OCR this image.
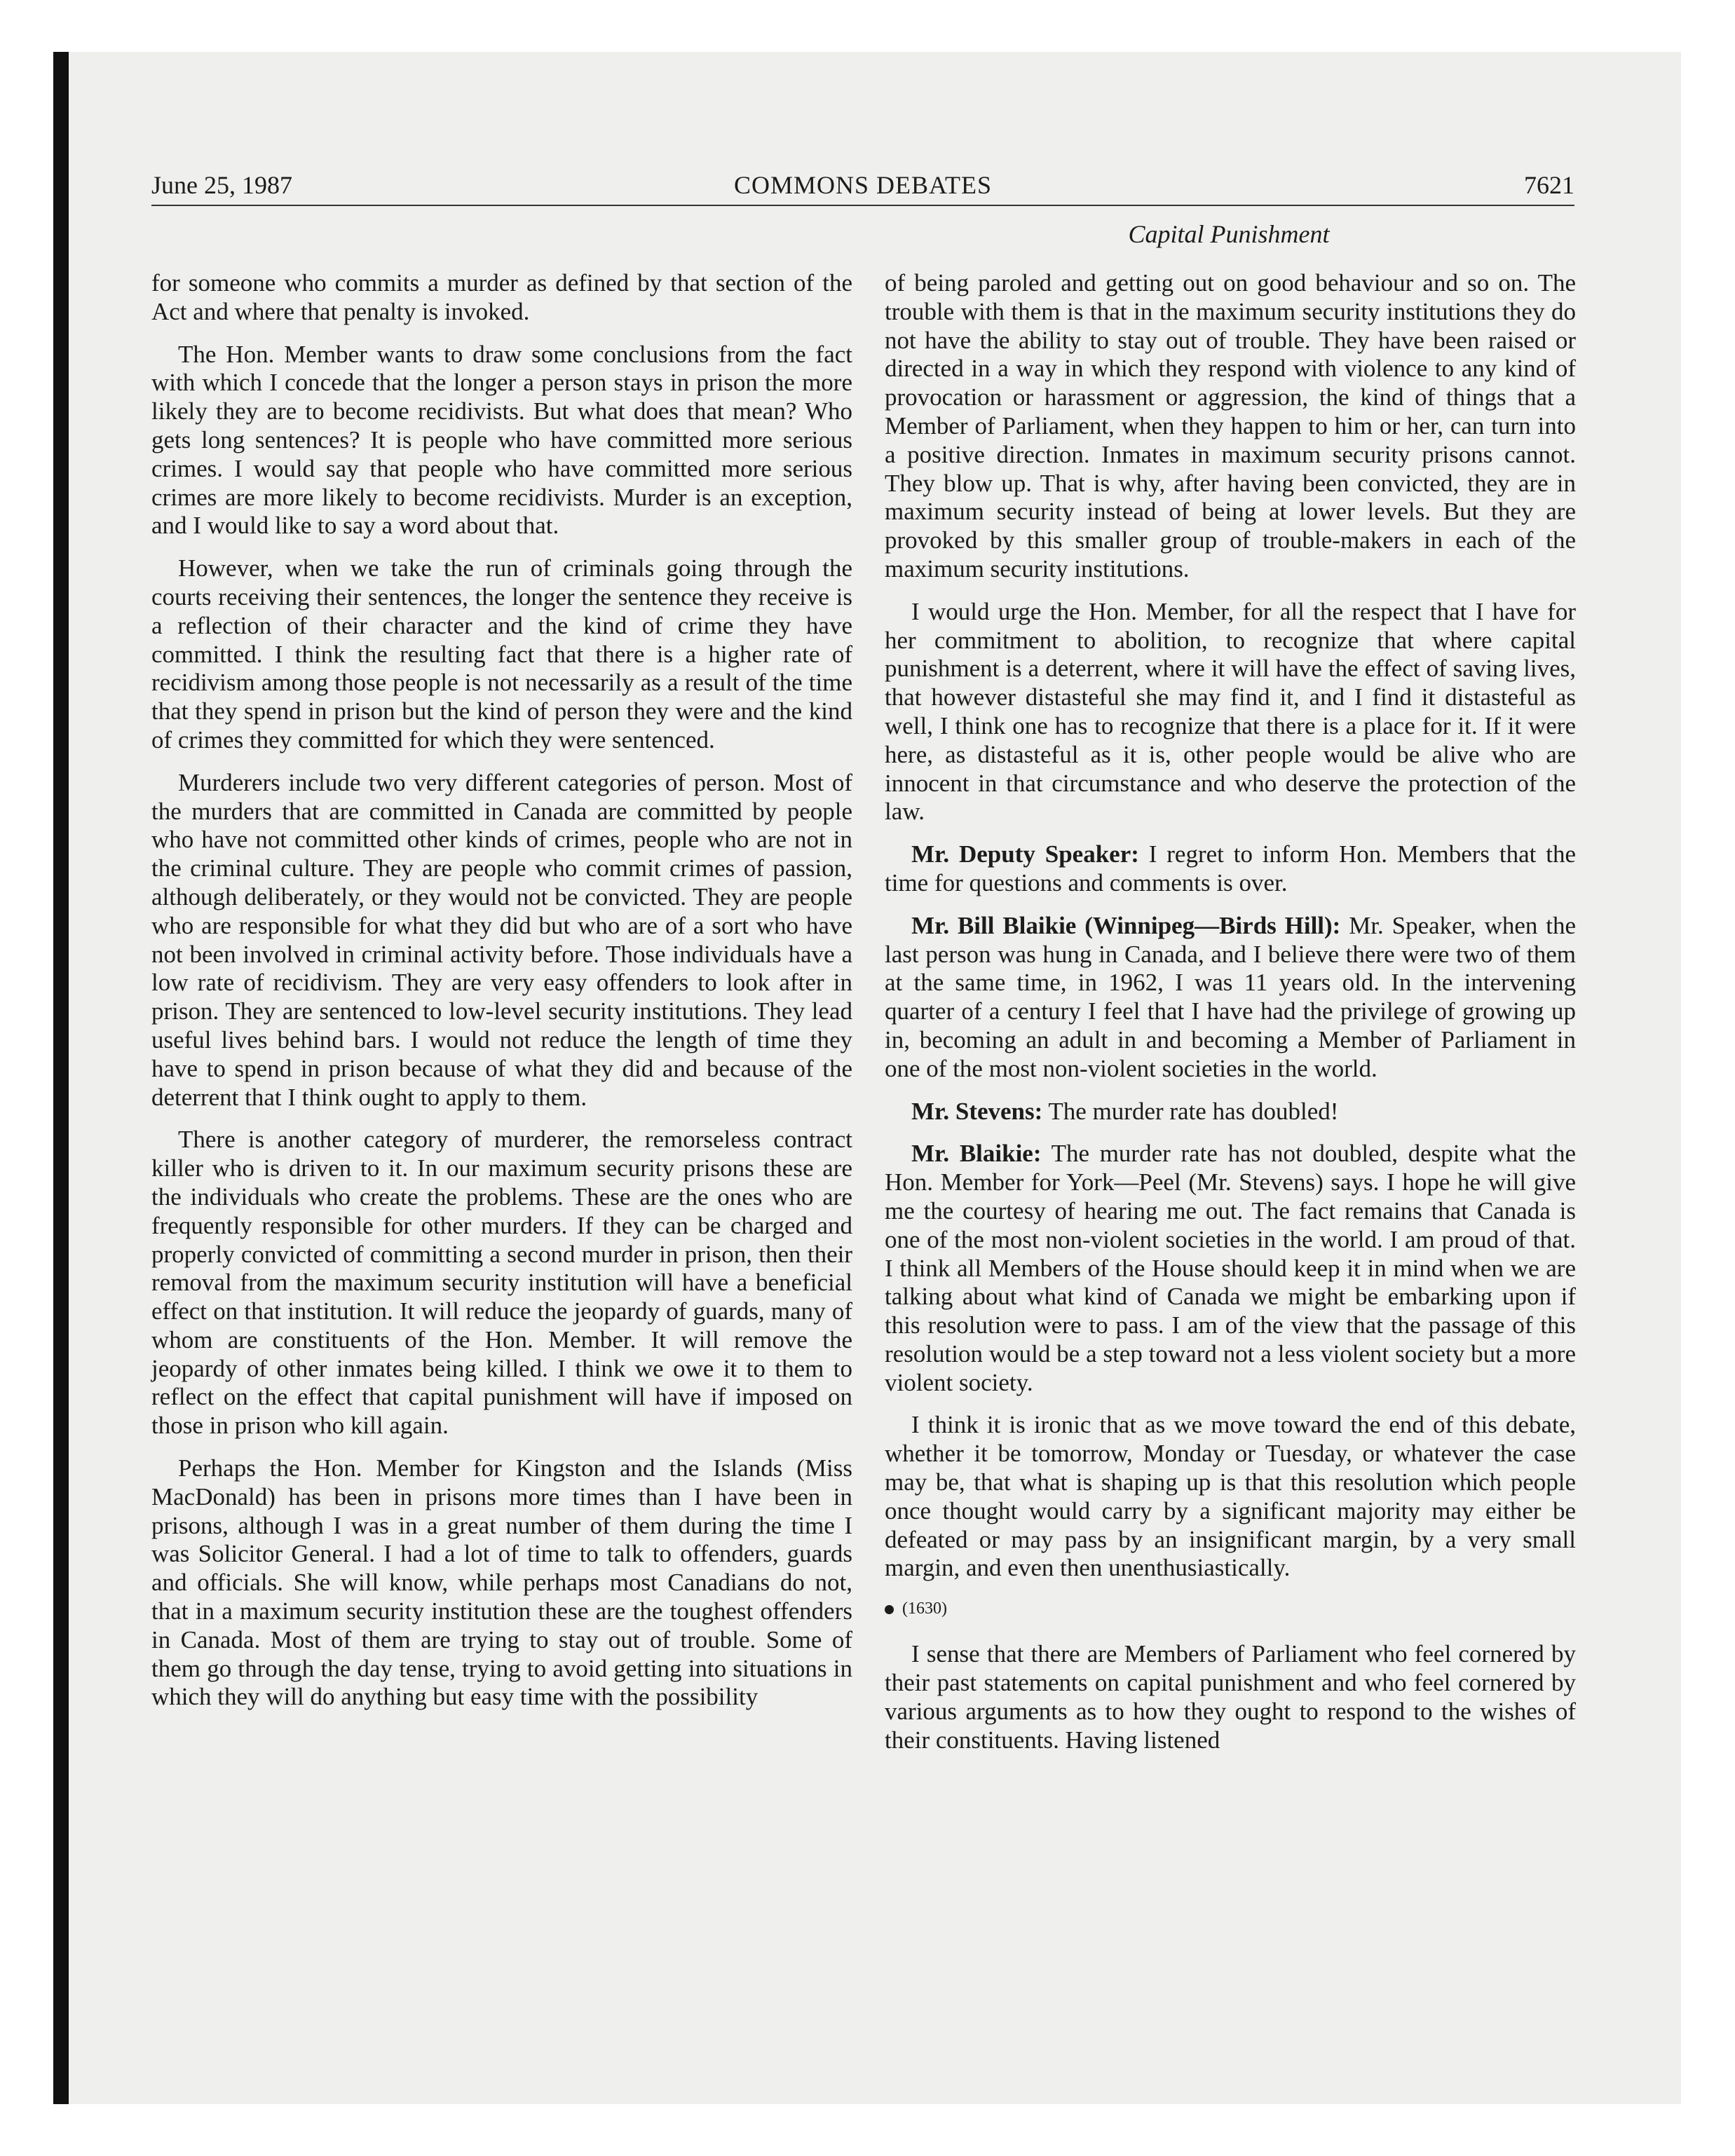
June 25, 1987	COMMONS DEBATES	7621
Capital Punishment

for someone who commits a murder as defined by that section of the Act and where that penalty is invoked.

The Hon. Member wants to draw some conclusions from the fact with which I concede that the longer a person stays in prison the more likely they are to become recidivists. But what does that mean? Who gets long sentences? It is people who have committed more serious crimes. I would say that people who have committed more serious crimes are more likely to become recidivists. Murder is an exception, and I would like to say a word about that.

However, when we take the run of criminals going through the courts receiving their sentences, the longer the sentence they receive is a reflection of their character and the kind of crime they have committed. I think the resulting fact that there is a higher rate of recidivism among those people is not necessarily as a result of the time that they spend in prison but the kind of person they were and the kind of crimes they committed for which they were sentenced.

Murderers include two very different categories of person. Most of the murders that are committed in Canada are committed by people who have not committed other kinds of crimes, people who are not in the criminal culture. They are people who commit crimes of passion, although deliberately, or they would not be convicted. They are people who are responsible for what they did but who are of a sort who have not been involved in criminal activity before. Those individuals have a low rate of recidivism. They are very easy offenders to look after in prison. They are sentenced to low-level security institutions. They lead useful lives behind bars. I would not reduce the length of time they have to spend in prison because of what they did and because of the deterrent that I think ought to apply to them.

There is another category of murderer, the remorseless contract killer who is driven to it. In our maximum security prisons these are the individuals who create the problems. These are the ones who are frequently responsible for other murders. If they can be charged and properly convicted of committing a second murder in prison, then their removal from the maximum security institution will have a beneficial effect on that institution. It will reduce the jeopardy of guards, many of whom are constituents of the Hon. Member. It will remove the jeopardy of other inmates being killed. I think we owe it to them to reflect on the effect that capital punishment will have if imposed on those in prison who kill again.

Perhaps the Hon. Member for Kingston and the Islands (Miss MacDonald) has been in prisons more times than I have been in prisons, although I was in a great number of them during the time I was Solicitor General. I had a lot of time to talk to offenders, guards and officials. She will know, while perhaps most Canadians do not, that in a maximum security institution these are the toughest offenders in Canada. Most of them are trying to stay out of trouble. Some of them go through the day tense, trying to avoid getting into situations in which they will do anything but easy time with the possibility

of being paroled and getting out on good behaviour and so on. The trouble with them is that in the maximum security institutions they do not have the ability to stay out of trouble. They have been raised or directed in a way in which they respond with violence to any kind of provocation or harassment or aggression, the kind of things that a Member of Parliament, when they happen to him or her, can turn into a positive direction. Inmates in maximum security prisons cannot. They blow up. That is why, after having been convicted, they are in maximum security instead of being at lower levels. But they are provoked by this smaller group of trouble-makers in each of the maximum security institutions.

I would urge the Hon. Member, for all the respect that I have for her commitment to abolition, to recognize that where capital punishment is a deterrent, where it will have the effect of saving lives, that however distasteful she may find it, and I find it distasteful as well, I think one has to recognize that there is a place for it. If it were here, as distasteful as it is, other people would be alive who are innocent in that circumstance and who deserve the protection of the law.

Mr. Deputy Speaker: I regret to inform Hon. Members that the time for questions and comments is over.

Mr. Bill Blaikie (Winnipeg—Birds Hill): Mr. Speaker, when the last person was hung in Canada, and I believe there were two of them at the same time, in 1962, I was 11 years old. In the intervening quarter of a century I feel that I have had the privilege of growing up in, becoming an adult in and becoming a Member of Parliament in one of the most non-violent societies in the world.

Mr. Stevens: The murder rate has doubled!

Mr. Blaikie: The murder rate has not doubled, despite what the Hon. Member for York—Peel (Mr. Stevens) says. I hope he will give me the courtesy of hearing me out. The fact remains that Canada is one of the most non-violent societies in the world. I am proud of that. I think all Members of the House should keep it in mind when we are talking about what kind of Canada we might be embarking upon if this resolution were to pass. I am of the view that the passage of this resolution would be a step toward not a less violent society but a more violent society.

I think it is ironic that as we move toward the end of this debate, whether it be tomorrow, Monday or Tuesday, or whatever the case may be, that what is shaping up is that this resolution which people once thought would carry by a significant majority may either be defeated or may pass by an insignificant margin, by a very small margin, and even then unenthusiastically.

(1630)

I sense that there are Members of Parliament who feel cornered by their past statements on capital punishment and who feel cornered by various arguments as to how they ought to respond to the wishes of their constituents. Having listened
